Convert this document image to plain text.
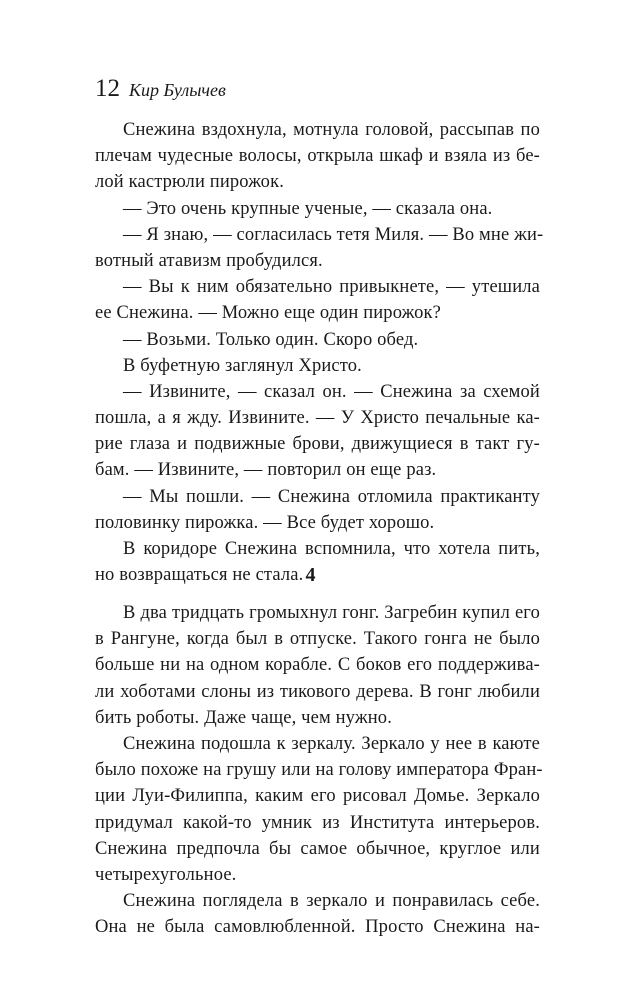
12 Кир Булычев
Снежина вздохнула, мотнула головой, рассыпав по
плечам чудесные волосы, открыла шкаф и взяла из бе-
лой кастрюли пирожок.
— Это очень крупные ученые, — сказала она.
— Я знаю, — согласилась тетя Миля. — Во мне жи-
вотный атавизм пробудился.
— Вы к ним обязательно привыкнете, — утешила
ее Снежина. — Можно еще один пирожок?
— Возьми. Только один. Скоро обед.
В буфетную заглянул Христо.
— Извините, — сказал он. — Снежина за схемой
пошла, а я жду. Извините. — У Христо печальные ка-
рие глаза и подвижные брови, движущиеся в такт гу-
бам. — Извините, — повторил он еще раз.
— Мы пошли. — Снежина отломила практиканту
половинку пирожка. — Все будет хорошо.
В коридоре Снежина вспомнила, что хотела пить,
но возвращаться не стала. 4
В два тридцать громыхнул гонг. Загребин купил его
в Рангуне, когда был в отпуске. Такого гонга не было
больше ни на одном корабле. С боков его поддержива-
ли хоботами слоны из тикового дерева. В гонг любили
бить роботы. Даже чаще, чем нужно.
Снежина подошла к зеркалу. Зеркало у нее в каюте
было похоже на грушу или на голову императора Фран-
ции Луи-Филиппа, каким его рисовал Домье. Зеркало
придумал какой-то умник из Института интерьеров.
Снежина предпочла бы самое обычное, круглое или
четырехугольное.
Снежина поглядела в зеркало и понравилась себе.
Она не была самовлюбленной. Просто Снежина на-
